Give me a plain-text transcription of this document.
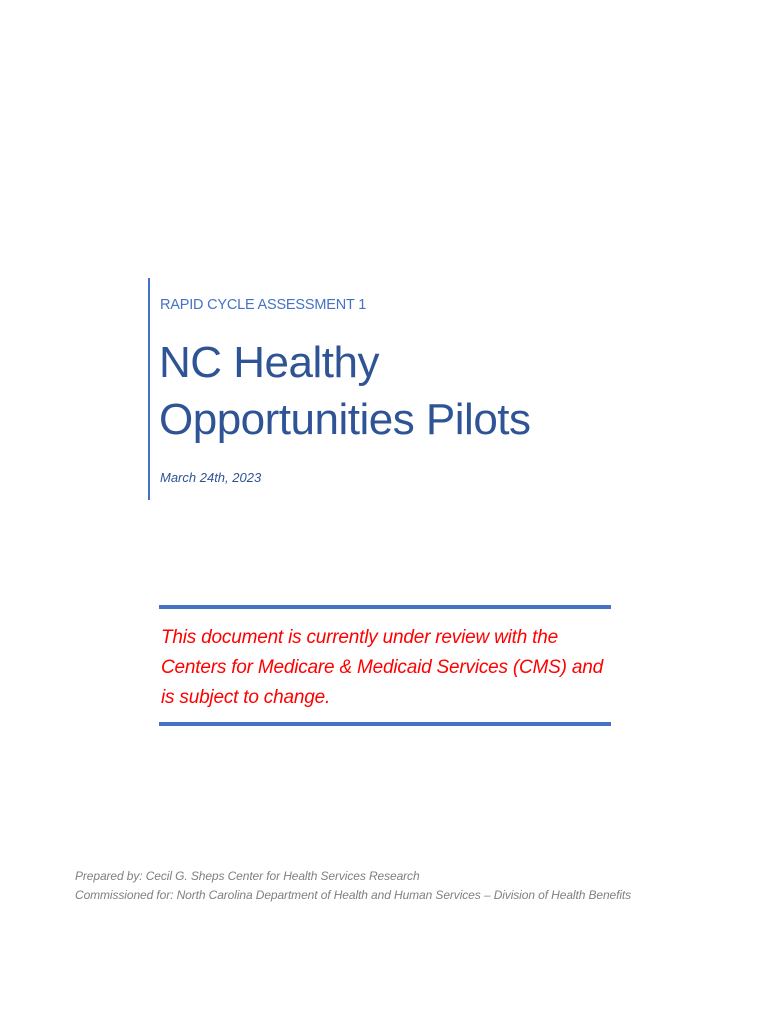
RAPID CYCLE ASSESSMENT 1
NC Healthy
Opportunities Pilots
March 24th, 2023

This document is currently under review with the Centers for Medicare & Medicaid Services (CMS) and is subject to change.

Prepared by: Cecil G. Sheps Center for Health Services Research
Commissioned for: North Carolina Department of Health and Human Services – Division of Health Benefits
